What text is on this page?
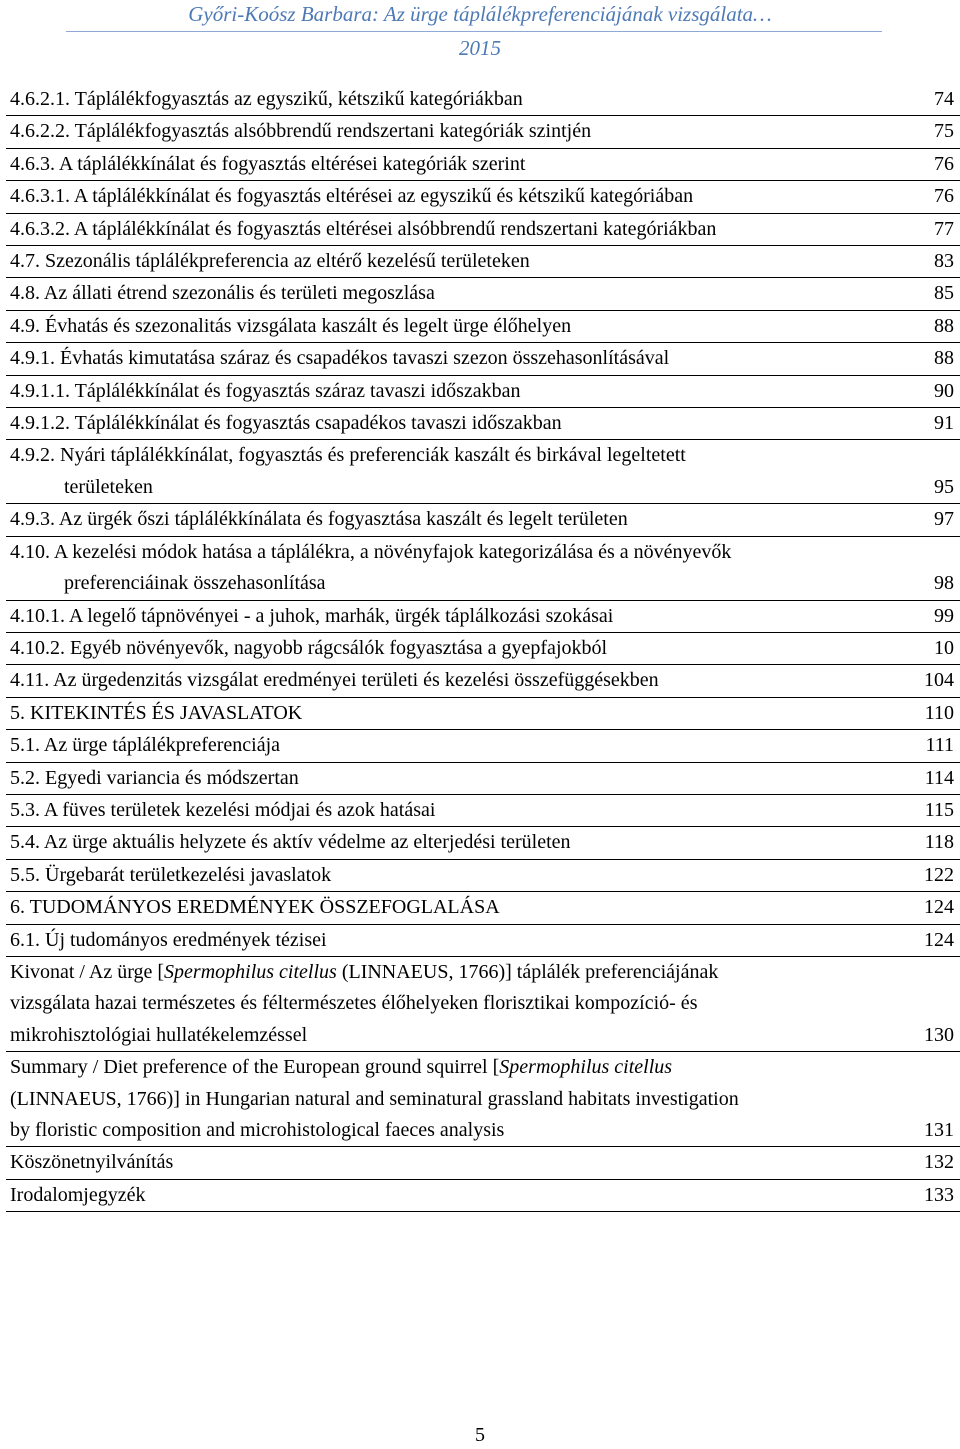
Győri-Koósz Barbara: Az ürge táplálékpreferenciájának vizsgálata…
2015
4.6.2.1. Táplálékfogyasztás az egyszikű, kétszikű kategóriákban	74
4.6.2.2. Táplálékfogyasztás alsóbbrendű rendszertani kategóriák szintjén	75
4.6.3. A táplálékkínálat és fogyasztás eltérései kategóriák szerint	76
4.6.3.1. A táplálékkínálat és fogyasztás eltérései az egyszikű és kétszikű kategóriában	76
4.6.3.2. A táplálékkínálat és fogyasztás eltérései alsóbbrendű rendszertani kategóriákban	77
4.7. Szezonális táplálékpreferencia az eltérő kezelésű területeken	83
4.8. Az állati étrend szezonális és területi megoszlása	85
4.9. Évhatás és szezonalitás vizsgálata kaszált és legelt ürge élőhelyen	88
4.9.1. Évhatás kimutatása száraz és csapadékos tavaszi szezon összehasonlításával	88
4.9.1.1. Táplálékkínálat és fogyasztás száraz tavaszi időszakban	90
4.9.1.2. Táplálékkínálat és fogyasztás csapadékos tavaszi időszakban	91
4.9.2. Nyári táplálékkínálat, fogyasztás és preferenciák kaszált és birkával legeltetett
területeken	95
4.9.3. Az ürgék őszi táplálékkínálata és fogyasztása kaszált és legelt területen	97
4.10. A kezelési módok hatása a táplálékra, a növényfajok kategorizálása és a növényevők
preferenciáinak összehasonlítása	98
4.10.1. A legelő tápnövényei - a juhok, marhák, ürgék táplálkozási szokásai	99
4.10.2. Egyéb növényevők, nagyobb rágcsálók fogyasztása a gyepfajokból	10
4.11. Az ürgedenzitás vizsgálat eredményei területi és kezelési összefüggésekben	104
5. KITEKINTÉS ÉS JAVASLATOK	110
5.1. Az ürge táplálékpreferenciája	111
5.2. Egyedi variancia és módszertan	114
5.3. A füves területek kezelési módjai és azok hatásai	115
5.4. Az ürge aktuális helyzete és aktív védelme az elterjedési területen	118
5.5. Ürgebarát területkezelési javaslatok	122
6. TUDOMÁNYOS EREDMÉNYEK ÖSSZEFOGLALÁSA	124
6.1. Új tudományos eredmények tézisei	124
Kivonat / Az ürge [Spermophilus citellus (LINNAEUS, 1766)] táplálék preferenciájának
vizsgálata hazai természetes és féltermészetes élőhelyeken florisztikai kompozíció- és
mikrohisztológiai hullatékelemzéssel	130
Summary / Diet preference of the European ground squirrel [Spermophilus citellus
(LINNAEUS, 1766)] in Hungarian natural and seminatural grassland habitats investigation
by floristic composition and microhistological faeces analysis	131
Köszönetnyilvánítás	132
Irodalomjegyzék	133
5
